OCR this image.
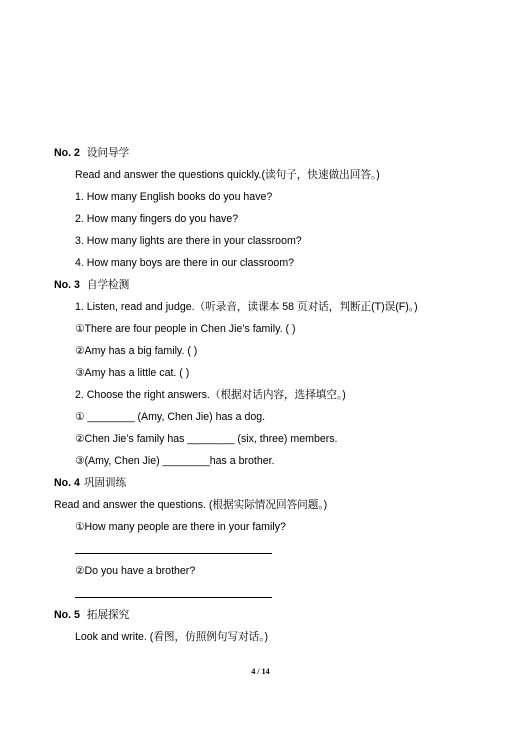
No. 2 设问导学
Read and answer the questions quickly.(读句子，快速做出回答。)
1. How many English books do you have?
2. How many fingers do you have?
3. How many lights are there in your classroom?
4. How many boys are there in our classroom?
No. 3 自学检测
1. Listen, read and judge.（听录音，读课本 58 页对话，判断正(T)误(F)。)
①There are four people in Chen Jie’s family. ( )
②Amy has a big family. ( )
③Amy has a little cat. ( )
2. Choose the right answers.（根据对话内容，选择填空。)
① ________ (Amy, Chen Jie) has a dog.
②Chen Jie’s family has ________ (six, three) members.
③(Amy, Chen Jie) ________has a brother.
No. 4 巩固训练
Read and answer the questions. (根据实际情况回答问题。)
①How many people are there in your family?
②Do you have a brother?
No. 5 拓展探究
Look and write. (看图，仿照例句写对话。)
4 / 14
